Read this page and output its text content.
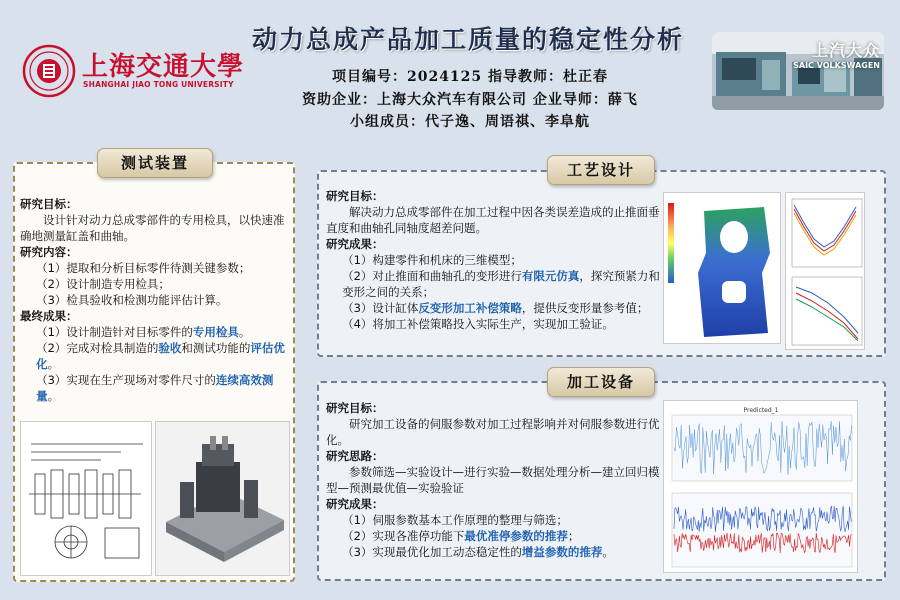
上海交通大學
SHANGHAI JIAO TONG UNIVERSITY
动力总成产品加工质量的稳定性分析
项目编号：2024125 指导教师：杜正春
资助企业：上海大众汽车有限公司 企业导师：薛飞
小组成员：代子逸、周语祺、李阜航
上汽大众
SAIC VOLKSWAGEN
测试装置	工艺设计
加工设备
研究目标：
设计针对动力总成零部件的专用检具，以快速准确地测量缸盖和曲轴。
研究内容：
（1）提取和分析目标零件待测关键参数；
（2）设计制造专用检具；
（3）检具验收和检测功能评估计算。
最终成果：
（1）设计制造针对目标零件的专用检具。
（2）完成对检具制造的验收和测试功能的评估优化。
（3）实现在生产现场对零件尺寸的连续高效测量。
研究目标：
解决动力总成零部件在加工过程中因各类误差造成的止推面垂直度和曲轴孔同轴度超差问题。
研究成果：
（1）构建零件和机床的三维模型；
（2）对止推面和曲轴孔的变形进行有限元仿真，探究预紧力和变形之间的关系；
（3）设计缸体反变形加工补偿策略，提供反变形量参考值；
（4）将加工补偿策略投入实际生产，实现加工验证。
研究目标：
研究加工设备的伺服参数对加工过程影响并对伺服参数进行优化。
研究思路：
参数筛选—实验设计—进行实验—数据处理分析—建立回归模型—预测最优值—实验验证
研究成果：
（1）伺服参数基本工作原理的整理与筛选；
（2）实现各准停功能下最优准停参数的推荐；
（3）实现最优化加工动态稳定性的增益参数的推荐。
Predicted_1
